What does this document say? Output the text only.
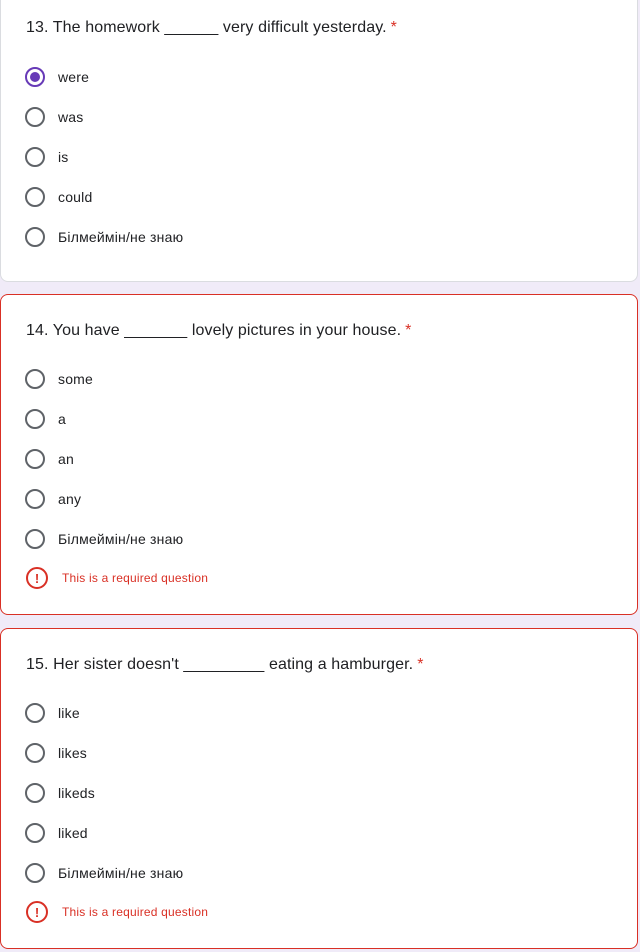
13. The homework ______ very difficult yesterday. *
were
was
is
could
Білмеймін/не знаю
14. You have _______ lovely pictures in your house. *
some
a
an
any
Білмеймін/не знаю
!	This is a required question
15. Her sister doesn't _________ eating a hamburger. *
like
likes
likeds
liked
Білмеймін/не знаю
!	This is a required question
